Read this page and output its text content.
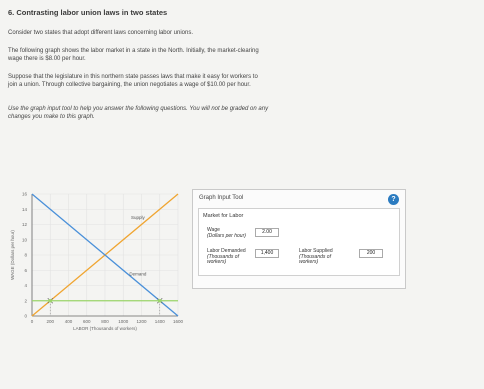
6. Contrasting labor union laws in two states
Consider two states that adopt different laws concerning labor unions.
The following graph shows the labor market in a state in the North. Initially, the market-clearing
wage there is $8.00 per hour.
Suppose that the legislature in this northern state passes laws that make it easy for workers to
join a union. Through collective bargaining, the union negotiates a wage of $10.00 per hour.
Use the graph input tool to help you answer the following questions. You will not be graded on any
changes you make to this graph.
0
2
4
6
8
10
12
14
16
0	200 400 600 800 1000 1200 1400 1600
WAGE (Dollars per hour)
LABOR (Thousands of workers)
Supply
Demand
Graph Input Tool	?
Market for Labor
Wage
(Dollars per hour)
2.00
Labor Demanded
(Thousands of workers)
1,400	Labor Supplied
(Thousands of workers)
200
